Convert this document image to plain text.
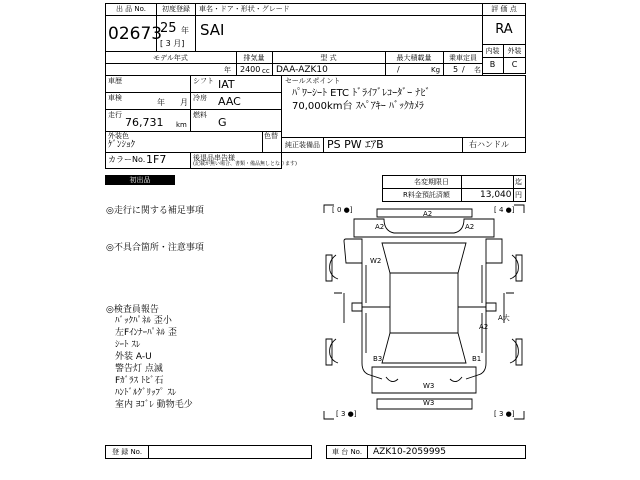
出 品 No.
02673
初度登録
25 年
[ 3 月]
車名・ドア・形状・グレード
SAI
評 価 点
RA
内装	外装
B	C
モデル年式
年
排気量
2400 cc
型 式
DAA-AZK10
最大積載量
/	Kg
乗車定員
5 / 名
車歴	シフト IAT
車検	年 月 冷房 AAC
走行
76,731 km
燃料
G
外装色
ｹﾞﾝｼｮｸ
色替
カラーNo. 1F7	後退品串告様
(記載が無い場合、書類・備品無しとなります)
初出品
セールスポイント
ﾊﾟﾜｰｼｰﾄ ETC ﾄﾞﾗｲﾌﾞﾚｺｰﾀﾞｰ ﾅﾋﾞ
70,000km台 ｽﾍﾟｱｷｰ ﾊﾞｯｸｶﾒﾗ
純正装備品 PS PW ｴｱB	右ハンドル
名変期限日	迄
R料金預託済額	13,040 円
◎走行に関する補足事項
◎不具合箇所・注意事項
◎検査員報告
ﾊﾞｯｸﾊﾟﾈﾙ 歪小
左Fｲﾝﾅｰﾊﾟﾈﾙ 歪
ｼｰﾄ ｽﾚ
外装 A-U
警告灯 点滅
Fｶﾞﾗｽ ﾄﾋﾞ石
ﾊﾝﾄﾞﾙｸﾞﾘｯﾌﾟ ｽﾚ
室内 ﾖｺﾞﾚ 動物毛少
[ 0 ●]	[ 4 ●]
[ 3 ●]	[ 3 ●]
A2
A2	A2
W2
A2
A大
B3	B1
W3
W3
登 録 No.	車 台 No. AZK10-2059995
